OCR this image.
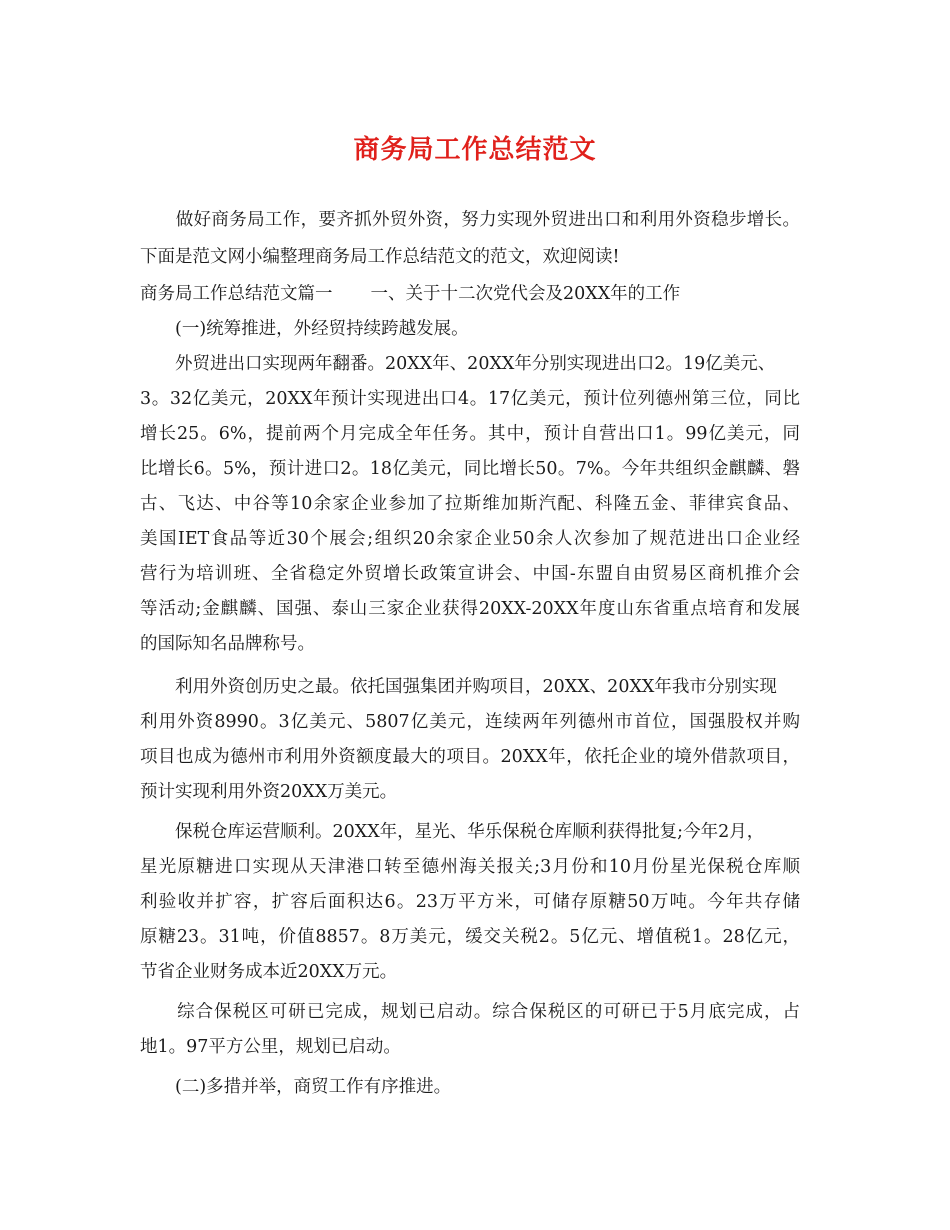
商务局工作总结范文
　　做好商务局工作，要齐抓外贸外资，努力实现外贸进出口和利用外资稳步增长。
下面是范文网小编整理商务局工作总结范文的范文，欢迎阅读!
商务局工作总结范文篇一 一、关于十二次党代会及20XX年的工作
　　(一)统筹推进，外经贸持续跨越发展。
　　外贸进出口实现两年翻番。20XX年、20XX年分别实现进出口2。19亿美元、
3。32亿美元，20XX年预计实现进出口4。17亿美元，预计位列德州第三位，同比
增长25。6%，提前两个月完成全年任务。其中，预计自营出口1。99亿美元，同
比增长6。5%，预计进口2。18亿美元，同比增长50。7%。今年共组织金麒麟、磐
古、飞达、中谷等10余家企业参加了拉斯维加斯汽配、科隆五金、菲律宾食品、
美国IET食品等近30个展会;组织20余家企业50余人次参加了规范进出口企业经
营行为培训班、全省稳定外贸增长政策宣讲会、中国-东盟自由贸易区商机推介会
等活动;金麒麟、国强、泰山三家企业获得20XX-20XX年度山东省重点培育和发展
的国际知名品牌称号。
　　利用外资创历史之最。依托国强集团并购项目，20XX、20XX年我市分别实现
利用外资8990。3亿美元、5807亿美元，连续两年列德州市首位，国强股权并购
项目也成为德州市利用外资额度最大的项目。20XX年，依托企业的境外借款项目，
预计实现利用外资20XX万美元。
　　保税仓库运营顺利。20XX年，星光、华乐保税仓库顺利获得批复;今年2月，
星光原糖进口实现从天津港口转至德州海关报关;3月份和10月份星光保税仓库顺
利验收并扩容，扩容后面积达6。23万平方米，可储存原糖50万吨。今年共存储
原糖23。31吨，价值8857。8万美元，缓交关税2。5亿元、增值税1。28亿元，
节省企业财务成本近20XX万元。
　　综合保税区可研已完成，规划已启动。综合保税区的可研已于5月底完成，占
地1。97平方公里，规划已启动。
　　(二)多措并举，商贸工作有序推进。
